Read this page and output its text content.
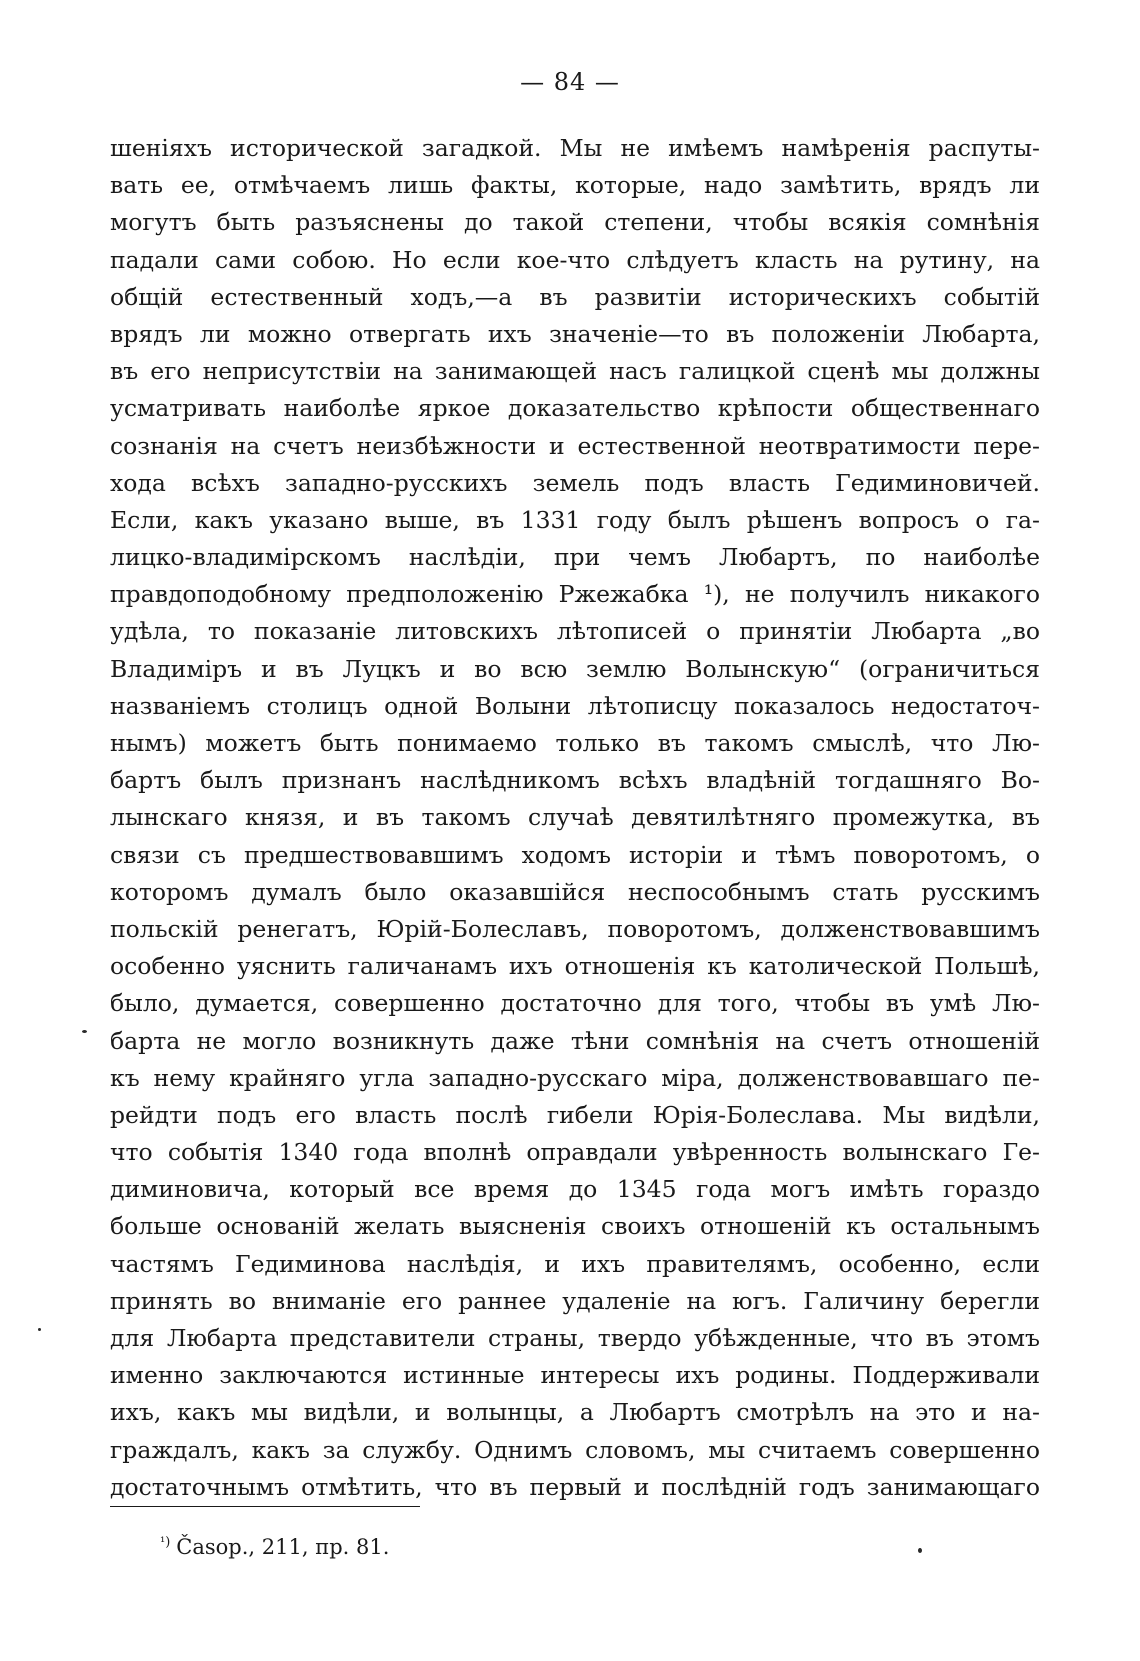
— 84 —
шеніяхъ исторической загадкой. Мы не имѣемъ намѣренія распуты-
вать ее, отмѣчаемъ лишь факты, которые, надо замѣтить, врядъ ли
могутъ быть разъяснены до такой степени, чтобы всякія сомнѣнія
падали сами собою. Но если кое-что слѣдуетъ класть на рутину, на
общій естественный ходъ,—а въ развитіи историческихъ событій
врядъ ли можно отвергать ихъ значеніе—то въ положеніи Любарта,
въ его неприсутствіи на занимающей насъ галицкой сценѣ мы должны
усматривать наиболѣе яркое доказательство крѣпости общественнаго
сознанія на счетъ неизбѣжности и естественной неотвратимости пере-
хода всѣхъ западно-русскихъ земель подъ власть Гедиминовичей.
Если, какъ указано выше, въ 1331 году былъ рѣшенъ вопросъ о га-
лицко-владимірскомъ наслѣдіи, при чемъ Любартъ, по наиболѣе
правдоподобному предположенію Ржежабка ¹), не получилъ никакого
удѣла, то показаніе литовскихъ лѣтописей о принятіи Любарта „во
Владиміръ и въ Луцкъ и во всю землю Волынскую“ (ограничиться
названіемъ столицъ одной Волыни лѣтописцу показалось недостаточ-
нымъ) можетъ быть понимаемо только въ такомъ смыслѣ, что Лю-
бартъ былъ признанъ наслѣдникомъ всѣхъ владѣній тогдашняго Во-
лынскаго князя, и въ такомъ случаѣ девятилѣтняго промежутка, въ
связи съ предшествовавшимъ ходомъ исторіи и тѣмъ поворотомъ, о
которомъ думалъ было оказавшійся неспособнымъ стать русскимъ
польскій ренегатъ, Юрій-Болеславъ, поворотомъ, долженствовавшимъ
особенно уяснить галичанамъ ихъ отношенія къ католической Польшѣ,
было, думается, совершенно достаточно для того, чтобы въ умѣ Лю-
барта не могло возникнуть даже тѣни сомнѣнія на счетъ отношеній
къ нему крайняго угла западно-русскаго міра, долженствовавшаго пе-
рейдти подъ его власть послѣ гибели Юрія-Болеслава. Мы видѣли,
что событія 1340 года вполнѣ оправдали увѣренность волынскаго Ге-
диминовича, который все время до 1345 года могъ имѣть гораздо
больше основаній желать выясненія своихъ отношеній къ остальнымъ
частямъ Гедиминова наслѣдія, и ихъ правителямъ, особенно, если
принять во вниманіе его раннее удаленіе на югъ. Галичину берегли
для Любарта представители страны, твердо убѣжденные, что въ этомъ
именно заключаются истинные интересы ихъ родины. Поддерживали
ихъ, какъ мы видѣли, и волынцы, а Любартъ смотрѣлъ на это и на-
граждалъ, какъ за службу. Однимъ словомъ, мы считаемъ совершенно
достаточнымъ отмѣтить, что въ первый и послѣдній годъ занимающаго
$^{^1)}$ Časop., 211, пр. 81.
